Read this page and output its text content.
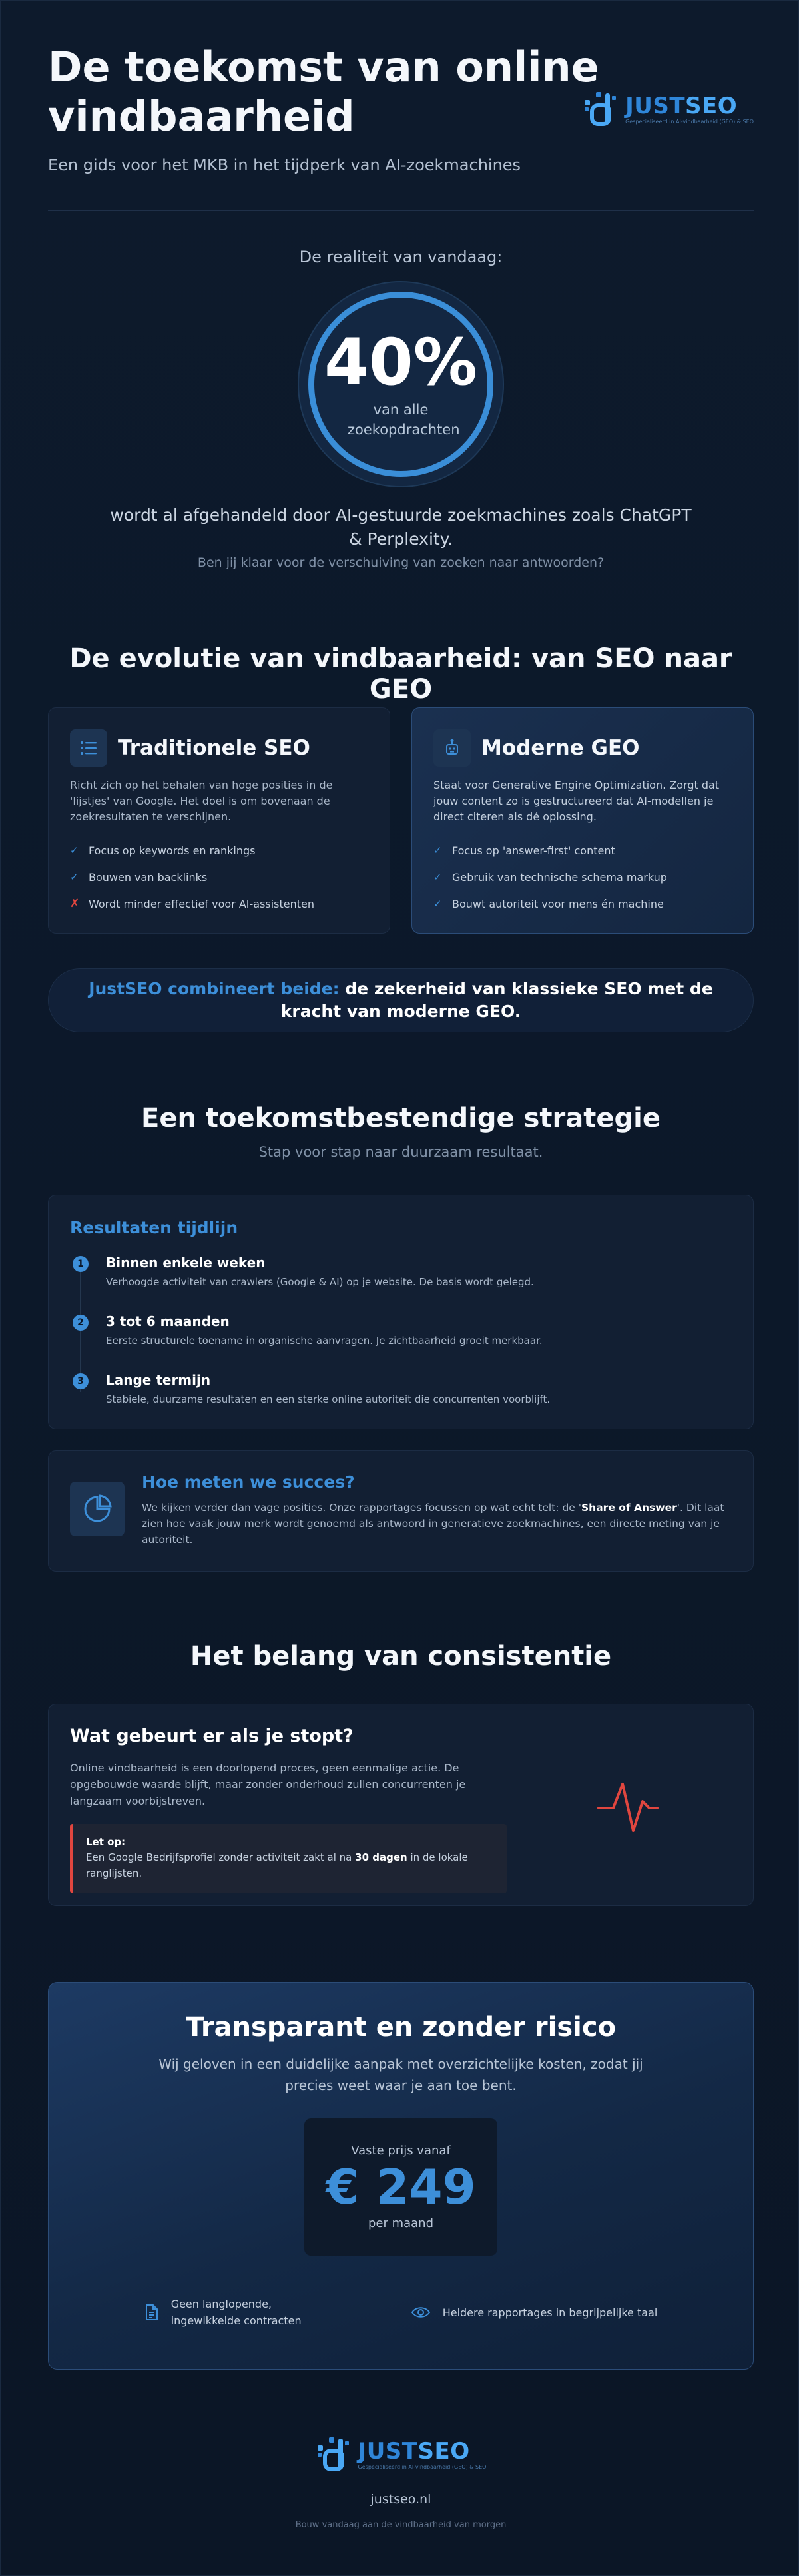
De toekomst van online vindbaarheid

Een gids voor het MKB in het tijdperk van AI-zoekmachines

JUSTSEO
Gespecialiseerd in AI-vindbaarheid (GEO) & SEO

De realiteit van vandaag:

40%
van alle zoekopdrachten

wordt al afgehandeld door AI-gestuurde zoekmachines zoals ChatGPT & Perplexity.

Ben jij klaar voor de verschuiving van zoeken naar antwoorden?

De evolutie van vindbaarheid: van SEO naar GEO
Traditionele SEO

Richt zich op het behalen van hoge posities in de 'lijstjes' van Google. Het doel is om bovenaan de zoekresultaten te verschijnen.

✓ Focus op keywords en rankings
✓ Bouwen van backlinks
✗ Wordt minder effectief voor AI-assistenten
Moderne GEO

Staat voor Generative Engine Optimization. Zorgt dat jouw content zo is gestructureerd dat AI-modellen je direct citeren als dé oplossing.

✓ Focus op 'answer-first' content
✓ Gebruik van technische schema markup
✓ Bouwt autoriteit voor mens én machine

JustSEO combineert beide: de zekerheid van klassieke SEO met de kracht van moderne GEO.

Een toekomstbestendige strategie

Stap voor stap naar duurzaam resultaat.

Resultaten tijdlijn
1	Binnen enkele weken
Verhoogde activiteit van crawlers (Google & AI) op je website. De basis wordt gelegd.
2	3 tot 6 maanden
Eerste structurele toename in organische aanvragen. Je zichtbaarheid groeit merkbaar.
3	Lange termijn
Stabiele, duurzame resultaten en een sterke online autoriteit die concurrenten voorblijft.
Hoe meten we succes?

We kijken verder dan vage posities. Onze rapportages focussen op wat echt telt: de 'Share of Answer'. Dit laat zien hoe vaak jouw merk wordt genoemd als antwoord in generatieve zoekmachines, een directe meting van je autoriteit.

Het belang van consistentie
Wat gebeurt er als je stopt?

Online vindbaarheid is een doorlopend proces, geen eenmalige actie. De opgebouwde waarde blijft, maar zonder onderhoud zullen concurrenten je langzaam voorbijstreven.

Let op:

Een Google Bedrijfsprofiel zonder activiteit zakt al na 30 dagen in de lokale ranglijsten.

Transparant en zonder risico

Wij geloven in een duidelijke aanpak met overzichtelijke kosten, zodat jij precies weet waar je aan toe bent.

Vaste prijs vanaf
€ 249
per maand
Geen langlopende, ingewikkelde contracten
Heldere rapportages in begrijpelijke taal
JUSTSEO
Gespecialiseerd in AI-vindbaarheid (GEO) & SEO

justseo.nl

Bouw vandaag aan de vindbaarheid van morgen
